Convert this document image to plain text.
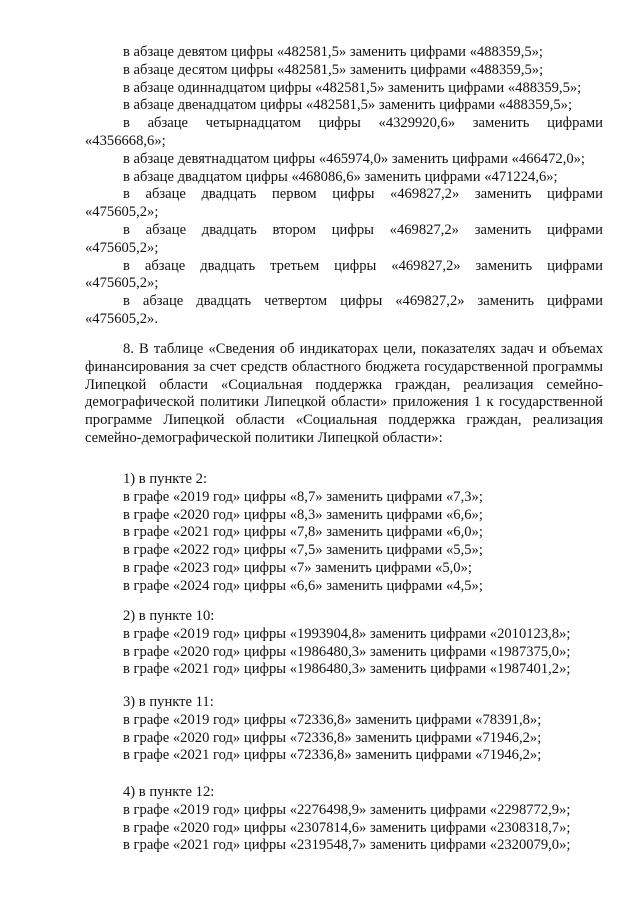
в абзаце девятом цифры «482581,5» заменить цифрами «488359,5»;

в абзаце десятом цифры «482581,5» заменить цифрами «488359,5»;

в абзаце одиннадцатом цифры «482581,5» заменить цифрами «488359,5»;

в абзаце двенадцатом цифры «482581,5» заменить цифрами «488359,5»;

в абзаце четырнадцатом цифры «4329920,6» заменить цифрами

«4356668,6»;

в абзаце девятнадцатом цифры «465974,0» заменить цифрами «466472,0»;

в абзаце двадцатом цифры «468086,6» заменить цифрами «471224,6»;

в абзаце двадцать первом цифры «469827,2» заменить цифрами

«475605,2»;

в абзаце двадцать втором цифры «469827,2» заменить цифрами

«475605,2»;

в абзаце двадцать третьем цифры «469827,2» заменить цифрами

«475605,2»;

в абзаце двадцать четвертом цифры «469827,2» заменить цифрами

«475605,2».

8. В таблице «Сведения об индикаторах цели, показателях задач и объемах финансирования за счет средств областного бюджета государственной программы Липецкой области «Социальная поддержка граждан, реализация семейно-демографической политики Липецкой области» приложения 1 к государственной программе Липецкой области «Социальная поддержка граждан, реализация семейно-демографической политики Липецкой области»:

1) в пункте 2:

в графе «2019 год» цифры «8,7» заменить цифрами «7,3»;

в графе «2020 год» цифры «8,3» заменить цифрами «6,6»;

в графе «2021 год» цифры «7,8» заменить цифрами «6,0»;

в графе «2022 год» цифры «7,5» заменить цифрами «5,5»;

в графе «2023 год» цифры «7» заменить цифрами «5,0»;

в графе «2024 год» цифры «6,6» заменить цифрами «4,5»;

2) в пункте 10:

в графе «2019 год» цифры «1993904,8» заменить цифрами «2010123,8»;

в графе «2020 год» цифры «1986480,3» заменить цифрами «1987375,0»;

в графе «2021 год» цифры «1986480,3» заменить цифрами «1987401,2»;

3) в пункте 11:

в графе «2019 год» цифры «72336,8» заменить цифрами «78391,8»;

в графе «2020 год» цифры «72336,8» заменить цифрами «71946,2»;

в графе «2021 год» цифры «72336,8» заменить цифрами «71946,2»;

4) в пункте 12:

в графе «2019 год» цифры «2276498,9» заменить цифрами «2298772,9»;

в графе «2020 год» цифры «2307814,6» заменить цифрами «2308318,7»;

в графе «2021 год» цифры «2319548,7» заменить цифрами «2320079,0»;
